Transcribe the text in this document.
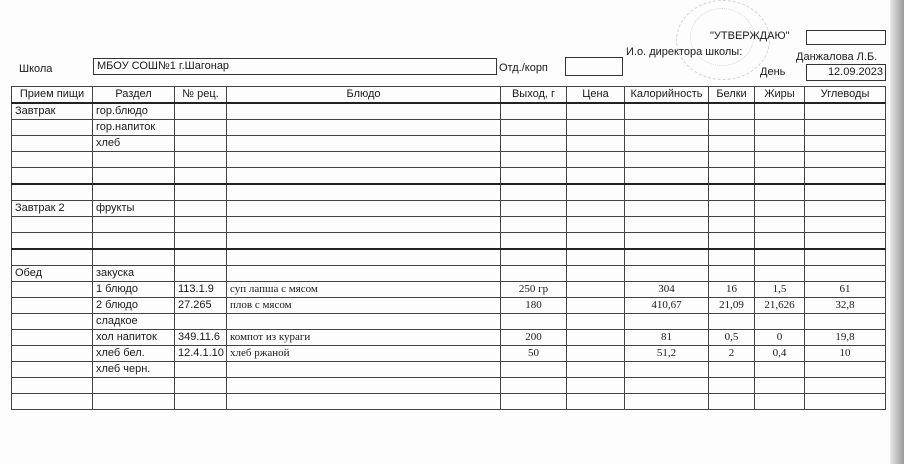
"УТВЕРЖДАЮ"
И.о. директора школы:	Данжалова Л.Б.
День	12.09.2023
Школа	МБОУ СОШ№1 г.Шагонар	Отд./корп
Прием пищи	Раздел	№ рец.	Блюдо	Выход, г	Цена	Калорийность	Белки	Жиры	Углеводы
Завтрак	гор.блюдо								
	гор.напиток								
	хлеб								

Завтрак 2	фрукты								

Обед	закуска								
	1 блюдо	113.1.9	суп лапша с мясом	250 гр		304	16	1,5	61
	2 блюдо	27.265	плов с мясом	180		410,67	21,09	21,626	32,8
	сладкое								
	хол напиток	349.11.6	компот из кураги	200		81	0,5	0	19,8
	хлеб бел.	12.4.1.10	хлеб ржаной	50		51,2	2	0,4	10
	хлеб черн.								
